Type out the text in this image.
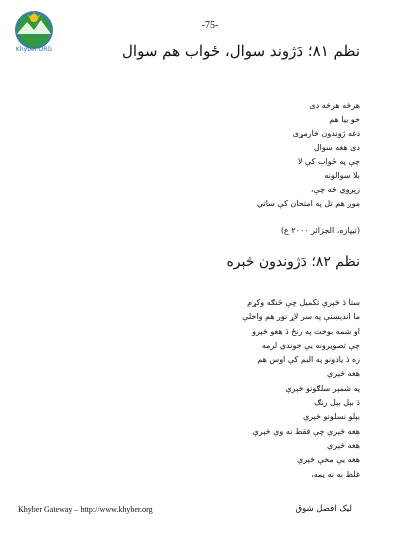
Khyber.ORG
-75-
نظم ۸۱؛ دَژوند سوال، ځواب هم سوال
هرڅه هرڅه دی
خو بیا هم
دغه ژوندون څارمړی
دی هغه سوال
چې په ځواب کې لا
بلا سوالونه
زېږوي څه چې،
موږ هم تل په امتحان کې ساتي
(تیپازه، الجزائر ۲۰۰۰ ع)
نظم ۸۲؛ دَژوندون څېره
ستا دَ څېرې تکمیل چې ځنګه وکړم
ما اندېښنې په سر لاړ نور هم واخلې
او شمه بوخت په رنځ دَ هغو څېرو
چې تصویرونه یې خوندي لرمه
زه دَ یادونو په البم کې اوس هم
هغه څېرې
په شمېر سلګونو څېرې
دَ بېل بېل رنګ
بېلو نسلونو څېرې
هغه څېرې چې فقط نه وې څېرې
هغه څېرې
هغه یې مخې څېرې
غلط به نه یمه،
Khyber Gateway – http://www.khyber.org	لیک افضل شوق
